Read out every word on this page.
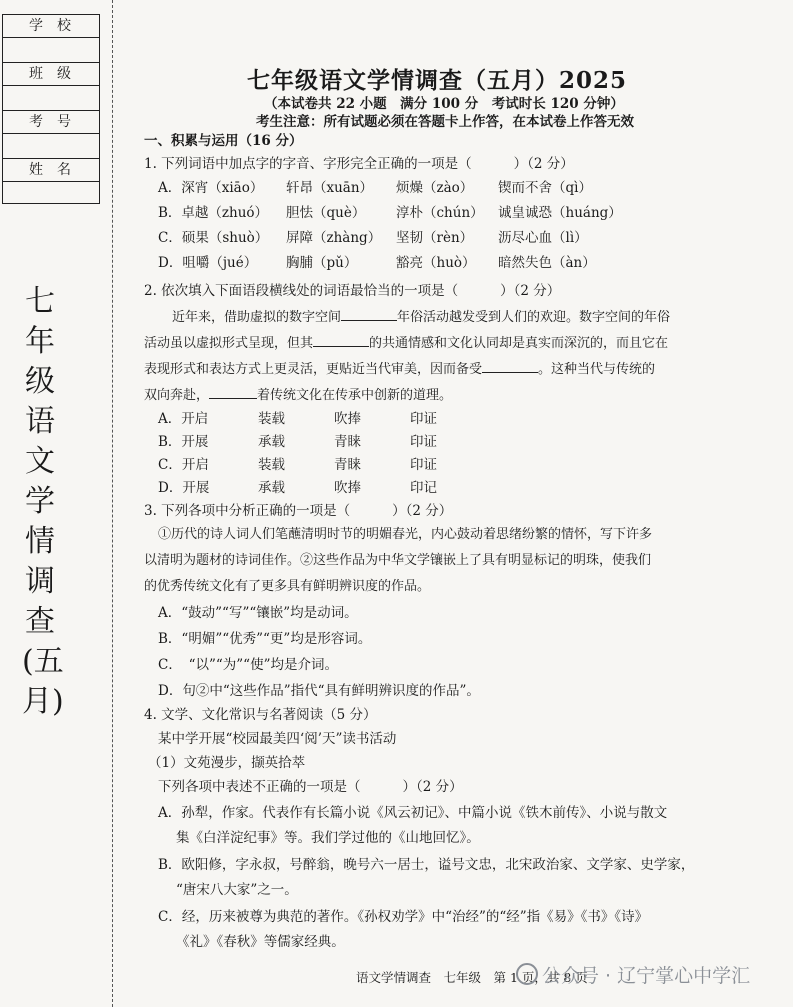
学校
班级
考号
姓名
七年级语文学情调查(五月)
七年级语文学情调查（五月）2025
（本试卷共 22 小题　满分 100 分　考试时长 120 分钟）
考生注意：所有试题必须在答题卡上作答，在本试卷上作答无效
一、积累与运用（16 分）
1. 下列词语中加点字的字音、字形完全正确的一项是（	）（2 分）
A．深宵（xiāo） 轩昂（xuān） 烦燥（zào） 锲而不舍（qì）
B．卓越（zhuó） 胆怯（què） 淳朴（chún） 诚皇诚恐（huáng）
C．硕果（shuò） 屏障（zhàng） 坚韧（rèn） 沥尽心血（lì）
D．咀嚼（jué） 胸脯（pǔ）	豁亮（huò） 暗然失色（àn）
2. 依次填入下面语段横线处的词语最恰当的一项是（	）（2 分）
近年来，借助虚拟的数字空间	年俗活动越发受到人们的欢迎。数字空间的年俗
活动虽以虚拟形式呈现，但其	的共通情感和文化认同却是真实而深沉的，而且它在
表现形式和表达方式上更灵活，更贴近当代审美，因而备受	。这种当代与传统的
双向奔赴，	着传统文化在传承中创新的道理。
A．开启	装载	吹捧	印证
B．开展	承载	青睐	印证
C．开启	装载	青睐	印证
D．开展	承载	吹捧	印记
3. 下列各项中分析正确的一项是（	）（2 分）
①历代的诗人词人们笔蘸清明时节的明媚春光，内心鼓动着思绪纷繁的情怀，写下许多
以清明为题材的诗词佳作。②这些作品为中华文学镶嵌上了具有明显标记的明珠，使我们
的优秀传统文化有了更多具有鲜明辨识度的作品。
A．“鼓动”“写”“镶嵌”均是动词。
B．“明媚”“优秀”“更”均是形容词。
C．　“以”“为”“使”均是介词。
D．句②中“这些作品”指代“具有鲜明辨识度的作品”。
4. 文学、文化常识与名著阅读（5 分）
某中学开展“校园最美四‘阅’天”读书活动
（1）文苑漫步，撷英拾萃
下列各项中表述不正确的一项是（	）（2 分）
A．孙犁，作家。代表作有长篇小说《风云初记》、中篇小说《铁木前传》、小说与散文
集《白洋淀纪事》等。我们学过他的《山地回忆》。
B．欧阳修，字永叔，号醉翁，晚号六一居士，谥号文忠，北宋政治家、文学家、史学家，
“唐宋八大家”之一。
C．经，历来被尊为典范的著作。《孙权劝学》中“治经”的“经”指《易》《书》《诗》
《礼》《春秋》等儒家经典。
语文学情调查　七年级　第 1 页，共 8 页
公众号 · 辽宁掌心中学汇
